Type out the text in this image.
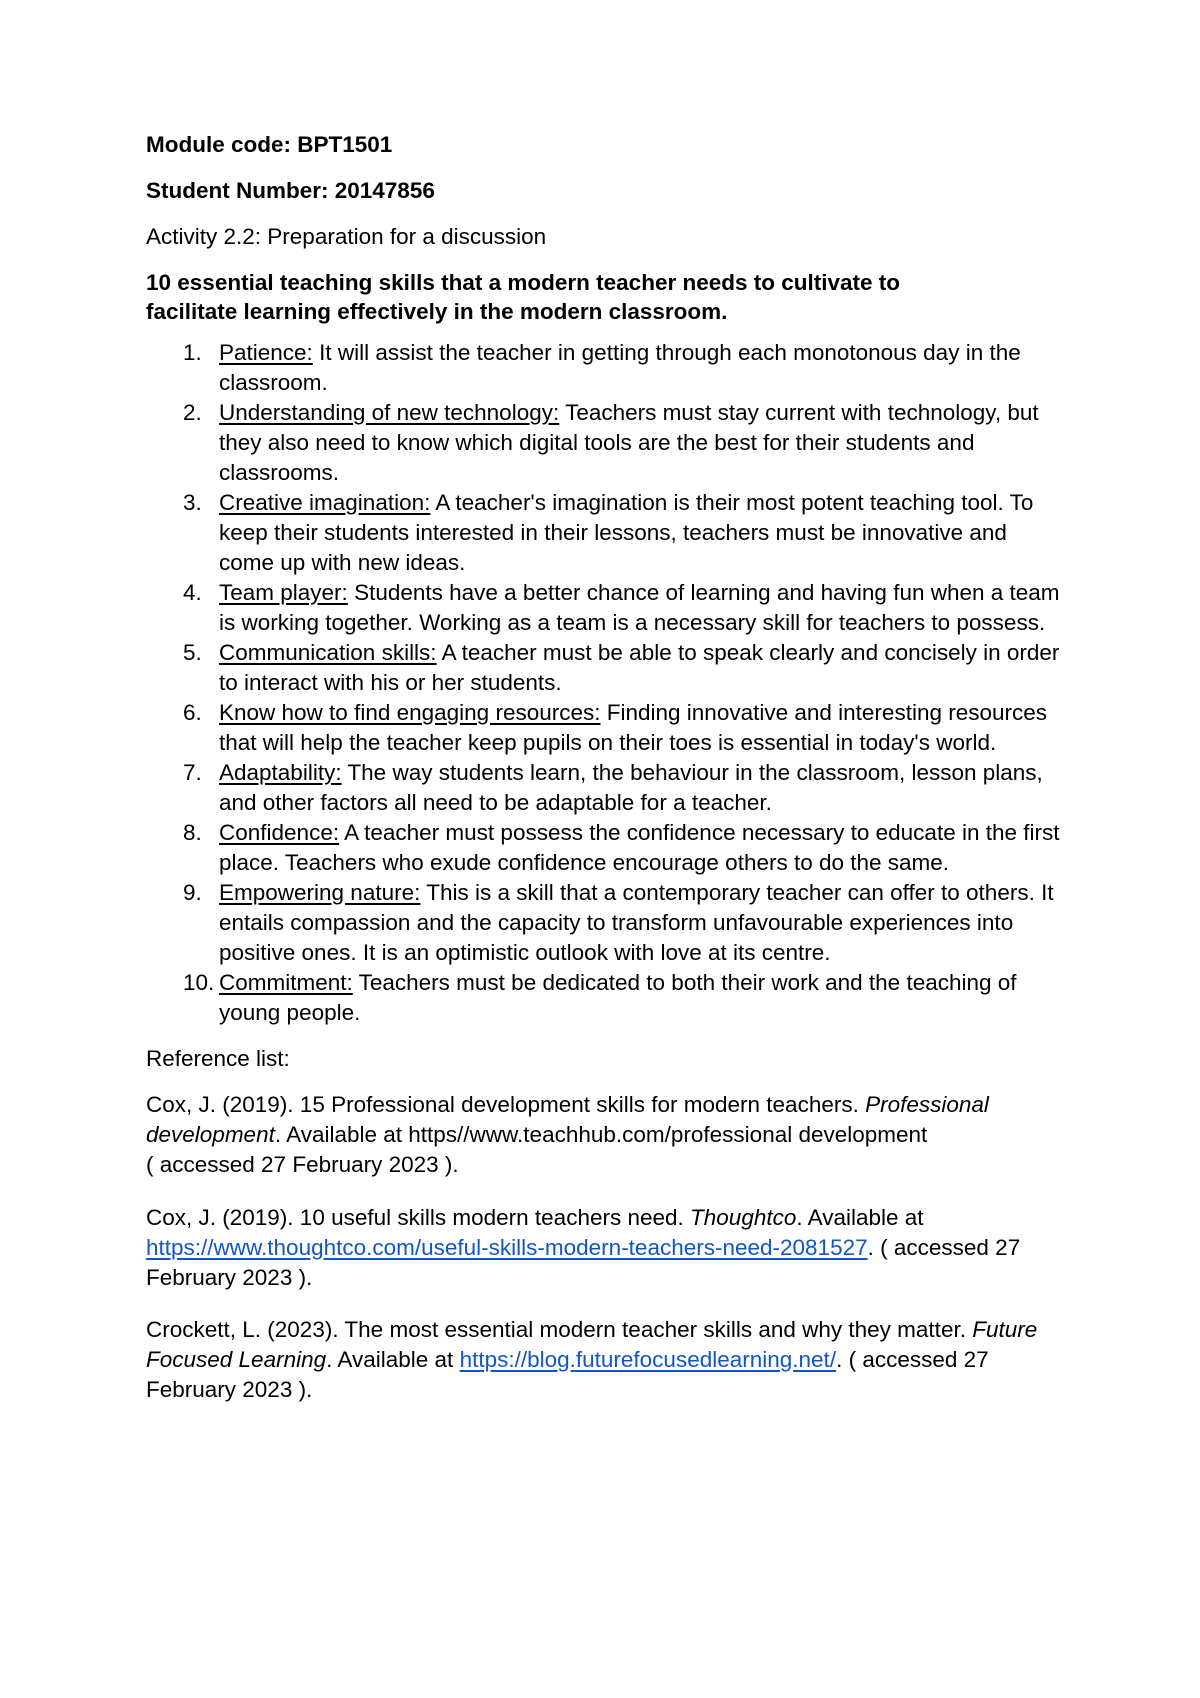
Module code: BPT1501

Student Number: 20147856

Activity 2.2: Preparation for a discussion

10 essential teaching skills that a modern teacher needs to cultivate to

facilitate learning effectively in the modern classroom.

1. Patience: It will assist the teacher in getting through each monotonous day in the classroom.
2. Understanding of new technology: Teachers must stay current with technology, but they also need to know which digital tools are the best for their students and classrooms.
3. Creative imagination: A teacher's imagination is their most potent teaching tool. To keep their students interested in their lessons, teachers must be innovative and come up with new ideas.
4. Team player: Students have a better chance of learning and having fun when a team is working together. Working as a team is a necessary skill for teachers to possess.
5. Communication skills: A teacher must be able to speak clearly and concisely in order to interact with his or her students.
6. Know how to find engaging resources: Finding innovative and interesting resources that will help the teacher keep pupils on their toes is essential in today's world.
7. Adaptability: The way students learn, the behaviour in the classroom, lesson plans, and other factors all need to be adaptable for a teacher.
8. Confidence: A teacher must possess the confidence necessary to educate in the first place. Teachers who exude confidence encourage others to do the same.
9. Empowering nature: This is a skill that a contemporary teacher can offer to others. It entails compassion and the capacity to transform unfavourable experiences into positive ones. It is an optimistic outlook with love at its centre.
10. Commitment: Teachers must be dedicated to both their work and the teaching of young people.

Reference list:

Cox, J. (2019). 15 Professional development skills for modern teachers. Professional development. Available at https//www.teachhub.com/professional development
( accessed 27 February 2023 ).

Cox, J. (2019). 10 useful skills modern teachers need. Thoughtco. Available at https://www.thoughtco.com/useful-skills-modern-teachers-need-2081527. ( accessed 27 February 2023 ).

Crockett, L. (2023). The most essential modern teacher skills and why they matter. Future Focused Learning. Available at https://blog.futurefocusedlearning.net/. ( accessed 27 February 2023 ).
